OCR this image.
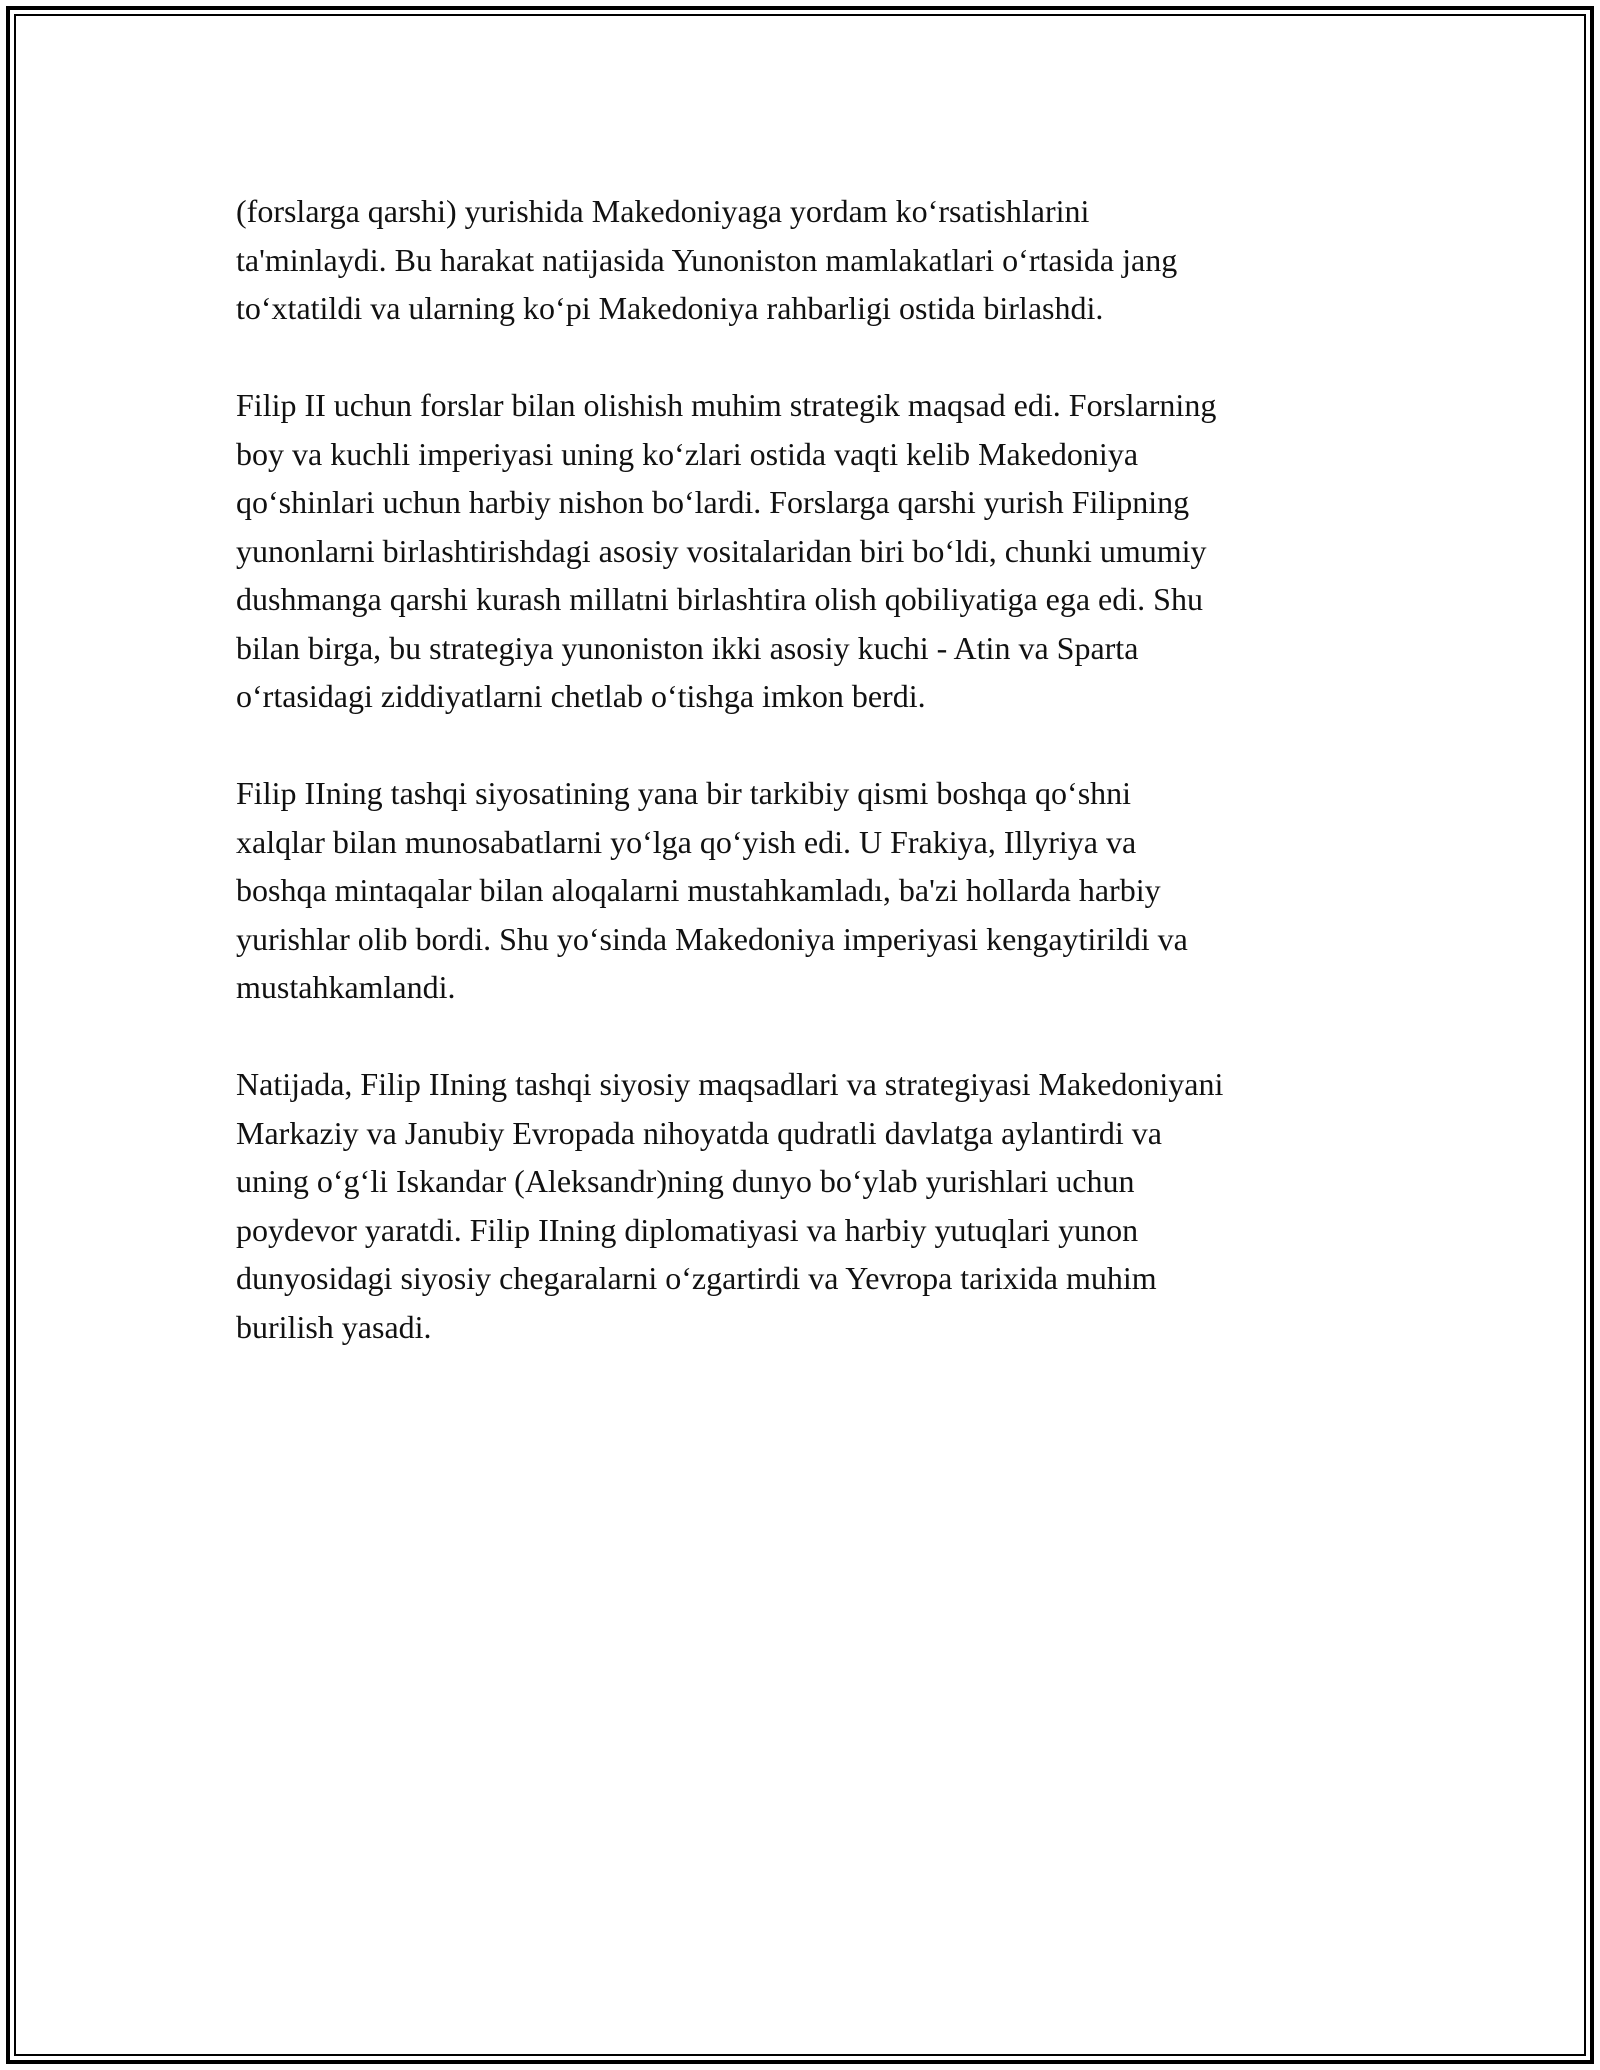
(forslarga qarshi) yurishida Makedoniyaga yordam koʻrsatishlarini
ta'minlaydi. Bu harakat natijasida Yunoniston mamlakatlari oʻrtasida jang
toʻxtatildi va ularning koʻpi Makedoniya rahbarligi ostida birlashdi.

Filip II uchun forslar bilan olishish muhim strategik maqsad edi. Forslarning
boy va kuchli imperiyasi uning koʻzlari ostida vaqti kelib Makedoniya
qoʻshinlari uchun harbiy nishon boʻlardi. Forslarga qarshi yurish Filipning
yunonlarni birlashtirishdagi asosiy vositalaridan biri boʻldi, chunki umumiy
dushmanga qarshi kurash millatni birlashtira olish qobiliyatiga ega edi. Shu
bilan birga, bu strategiya yunoniston ikki asosiy kuchi - Atin va Sparta
oʻrtasidagi ziddiyatlarni chetlab oʻtishga imkon berdi.

Filip IIning tashqi siyosatining yana bir tarkibiy qismi boshqa qoʻshni
xalqlar bilan munosabatlarni yoʻlga qoʻyish edi. U Frakiya, Illyriya va
boshqa mintaqalar bilan aloqalarni mustahkamladı, ba'zi hollarda harbiy
yurishlar olib bordi. Shu yoʻsinda Makedoniya imperiyasi kengaytirildi va
mustahkamlandi.

Natijada, Filip IIning tashqi siyosiy maqsadlari va strategiyasi Makedoniyani
Markaziy va Janubiy Evropada nihoyatda qudratli davlatga aylantirdi va
uning oʻgʻli Iskandar (Aleksandr)ning dunyo boʻylab yurishlari uchun
poydevor yaratdi. Filip IIning diplomatiyasi va harbiy yutuqlari yunon
dunyosidagi siyosiy chegaralarni oʻzgartirdi va Yevropa tarixida muhim
burilish yasadi.
